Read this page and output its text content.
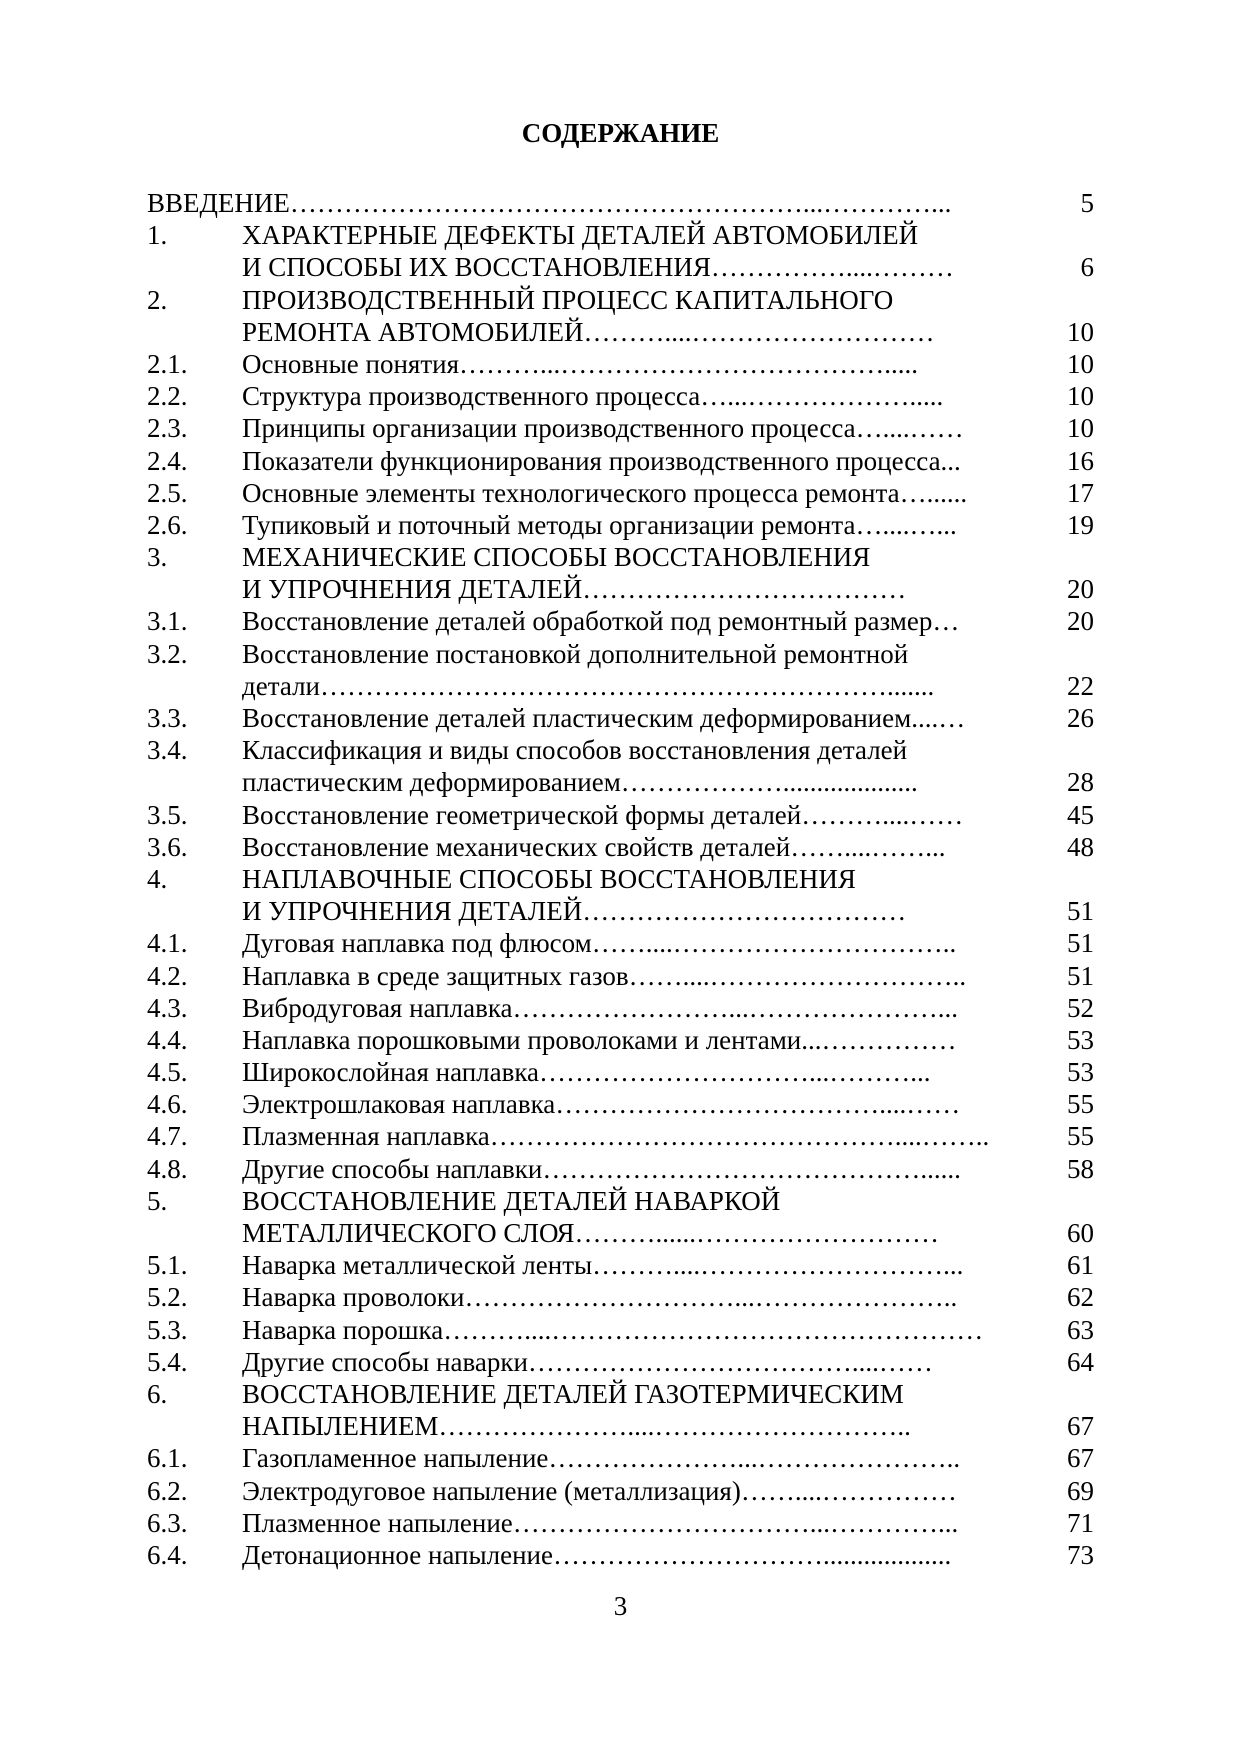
СОДЕРЖАНИЕ
ВВЕДЕНИЕ…………………………………………………...…………...	5
1.	ХАРАКТЕРНЫЕ ДЕФЕКТЫ ДЕТАЛЕЙ АВТОМОБИЛЕЙ
И СПОСОБЫ ИХ ВОССТАНОВЛЕНИЯ……………....………	6
2.	ПРОИЗВОДСТВЕННЫЙ ПРОЦЕСС КАПИТАЛЬНОГО
РЕМОНТА АВТОМОБИЛЕЙ………....………………………	10
2.1. Основные понятия………...……………………………….....	10
2.2. Структура производственного процесса…...……………….....	10
2.3. Принципы организации производственного процесса…....……	10
2.4. Показатели функционирования производственного процесса...	16
2.5. Основные элементы технологического процесса ремонта…......	17
2.6. Тупиковый и поточный методы организации ремонта…....…...	19
3.	МЕХАНИЧЕСКИЕ СПОСОБЫ ВОССТАНОВЛЕНИЯ
И УПРОЧНЕНИЯ ДЕТАЛЕЙ………………………………	20
3.1. Восстановление деталей обработкой под ремонтный размер…	20
3.2. Восстановление постановкой дополнительной ремонтной
детали……………………………………………………….......	22
3.3. Восстановление деталей пластическим деформированием....…	26
3.4. Классификация и виды способов восстановления деталей
пластическим деформированием………………....................	28
3.5. Восстановление геометрической формы деталей………....……	45
3.6. Восстановление механических свойств деталей……....……...	48
4.	НАПЛАВОЧНЫЕ СПОСОБЫ ВОССТАНОВЛЕНИЯ
И УПРОЧНЕНИЯ ДЕТАЛЕЙ………………………………	51
4.1. Дуговая наплавка под флюсом……....…………………………..	51
4.2. Наплавка в среде защитных газов……....………………………..	51
4.3. Вибродуговая наплавка……………………...…………………...	52
4.4. Наплавка порошковыми проволоками и лентами...……………	53
4.5. Широкослойная наплавка…………………………...………...	53
4.6. Электрошлаковая наплавка………………………………....……	55
4.7. Плазменная наплавка………………………………………....……..	55
4.8. Другие способы наплавки……………………………………......	58
5.	ВОССТАНОВЛЕНИЕ ДЕТАЛЕЙ НАВАРКОЙ
МЕТАЛЛИЧЕСКОГО СЛОЯ………......………………………	60
5.1. Наварка металлической ленты………....………………………...	61
5.2. Наварка проволоки…………………………...…………………..	62
5.3. Наварка порошка………....…………………………………………	63
5.4. Другие способы наварки………………………………....……	64
6.	ВОССТАНОВЛЕНИЕ ДЕТАЛЕЙ ГАЗОТЕРМИЧЕСКИМ
НАПЫЛЕНИЕМ…………………....………………………..	67
6.1. Газопламенное напыление…………………...…………………..	67
6.2. Электродуговое напыление (металлизация)……....……………	69
6.3. Плазменное напыление……………………………...…………...	71
6.4. Детонационное напыление…………………………...................	73
3
